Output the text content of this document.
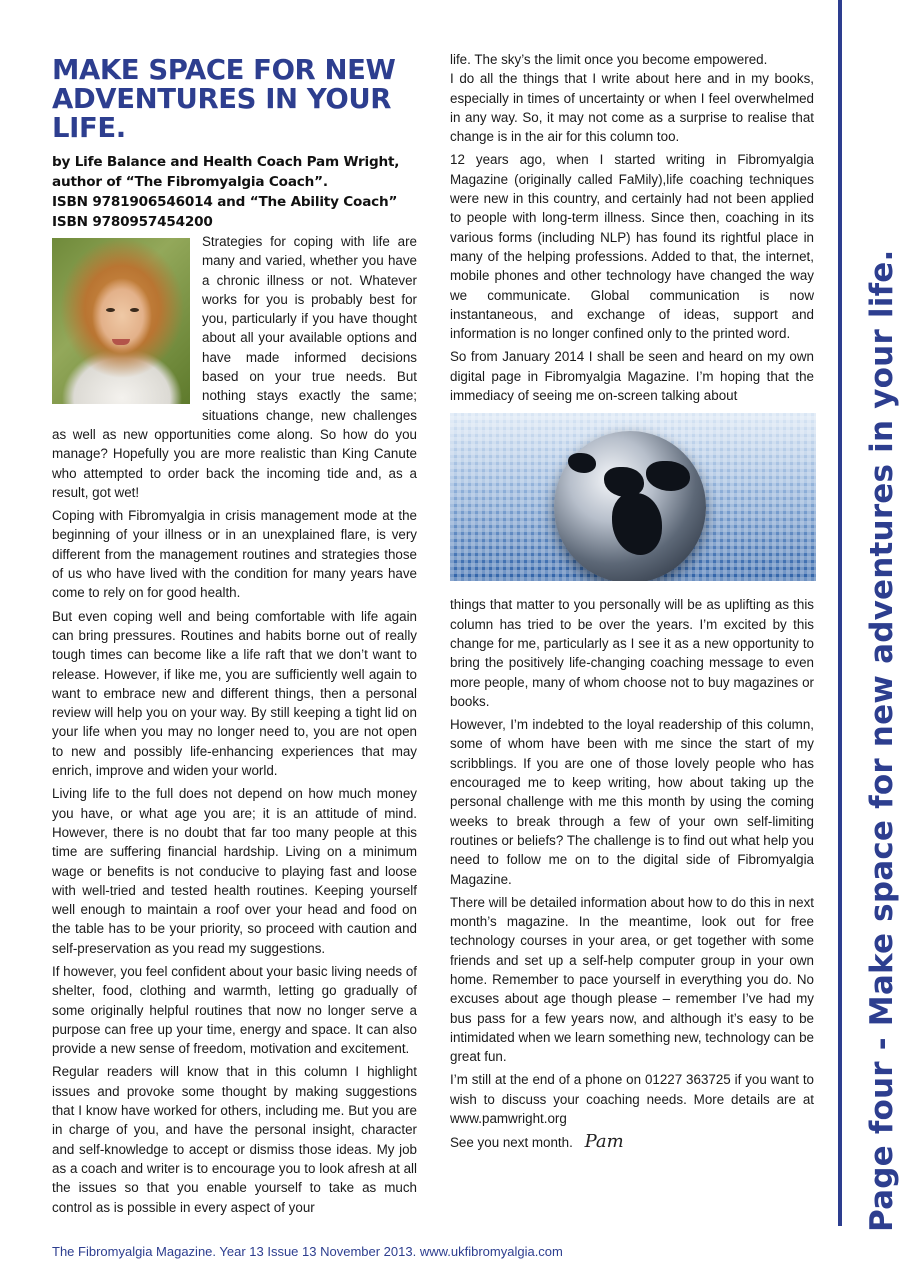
MAKE SPACE FOR NEW
ADVENTURES IN YOUR LIFE.
by Life Balance and Health Coach Pam Wright,
author of “The Fibromyalgia Coach”.
ISBN 9781906546014 and “The Ability Coach”
ISBN 9780957454200

Strategies for coping with life are many and varied, whether you have a chronic illness or not. Whatever works for you is probably best for you, particularly if you have thought about all your available options and have made informed decisions based on your true needs. But nothing stays exactly the same; situations change, new challenges as well as new opportunities come along. So how do you manage? Hopefully you are more realistic than King Canute who attempted to order back the incoming tide and, as a result, got wet!

Coping with Fibromyalgia in crisis management mode at the beginning of your illness or in an unexplained flare, is very different from the management routines and strategies those of us who have lived with the condition for many years have come to rely on for good health.

But even coping well and being comfortable with life again can bring pressures. Routines and habits borne out of really tough times can become like a life raft that we don’t want to release. However, if like me, you are sufficiently well again to want to embrace new and different things, then a personal review will help you on your way. By still keeping a tight lid on your life when you may no longer need to, you are not open to new and possibly life-enhancing experiences that may enrich, improve and widen your world.

Living life to the full does not depend on how much money you have, or what age you are; it is an attitude of mind. However, there is no doubt that far too many people at this time are suffering financial hardship. Living on a minimum wage or benefits is not conducive to playing fast and loose with well-tried and tested health routines. Keeping yourself well enough to maintain a roof over your head and food on the table has to be your priority, so proceed with caution and self-preservation as you read my suggestions.

If however, you feel confident about your basic living needs of shelter, food, clothing and warmth, letting go gradually of some originally helpful routines that now no longer serve a purpose can free up your time, energy and space. It can also provide a new sense of freedom, motivation and excitement.

Regular readers will know that in this column I highlight issues and provoke some thought by making suggestions that I know have worked for others, including me. But you are in charge of you, and have the personal insight, character and self-knowledge to accept or dismiss those ideas. My job as a coach and writer is to encourage you to look afresh at all the issues so that you enable yourself to take as much control as is possible in every aspect of your

life. The sky’s the limit once you become empowered.

I do all the things that I write about here and in my books, especially in times of uncertainty or when I feel overwhelmed in any way. So, it may not come as a surprise to realise that change is in the air for this column too.

12 years ago, when I started writing in Fibromyalgia Magazine (originally called FaMily),life coaching techniques were new in this country, and certainly had not been applied to people with long-term illness. Since then, coaching in its various forms (including NLP) has found its rightful place in many of the helping professions. Added to that, the internet, mobile phones and other technology have changed the way we communicate. Global communication is now instantaneous, and exchange of ideas, support and information is no longer confined only to the printed word.

So from January 2014 I shall be seen and heard on my own digital page in Fibromyalgia Magazine. I’m hoping that the immediacy of seeing me on-screen talking about

things that matter to you personally will be as uplifting as this column has tried to be over the years. I’m excited by this change for me, particularly as I see it as a new opportunity to bring the positively life-changing coaching message to even more people, many of whom choose not to buy magazines or books.

However, I’m indebted to the loyal readership of this column, some of whom have been with me since the start of my scribblings. If you are one of those lovely people who has encouraged me to keep writing, how about taking up the personal challenge with me this month by using the coming weeks to break through a few of your own self-limiting routines or beliefs? The challenge is to find out what help you need to follow me on to the digital side of Fibromyalgia Magazine.

There will be detailed information about how to do this in next month’s magazine. In the meantime, look out for free technology courses in your area, or get together with some friends and set up a self-help computer group in your own home. Remember to pace yourself in everything you do. No excuses about age though please – remember I’ve had my bus pass for a few years now, and although it’s easy to be intimidated when we learn something new, technology can be great fun.

I’m still at the end of a phone on 01227 363725 if you want to wish to discuss your coaching needs. More details are at www.pamwright.org

See you next month. Pam

The Fibromyalgia Magazine. Year 13 Issue 13 November 2013. www.ukfibromyalgia.com
Page four - Make space for new adventures in your life.
